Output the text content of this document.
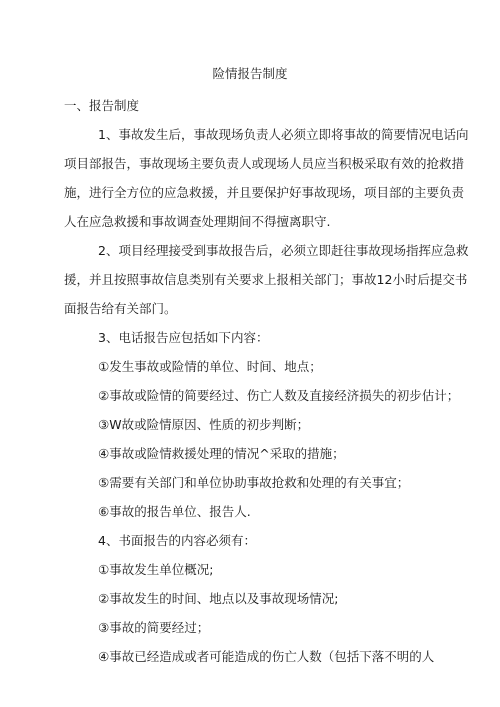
险情报告制度
一、报告制度
1、事故发生后，事故现场负责人必须立即将事故的简要情况电话向
项目部报告，事故现场主要负责人或现场人员应当积极采取有效的抢救措
施，进行全方位的应急救援，并且要保护好事故现场，项目部的主要负责
人在应急救援和事故调查处理期间不得擅离职守.
2、项目经理接受到事故报告后，必须立即赶往事故现场指挥应急救
援，并且按照事故信息类别有关要求上报相关部门；事故12小时后提交书
面报告给有关部门。
3、电话报告应包括如下内容：
①发生事故或险情的单位、时间、地点；
②事故或险情的简要经过、伤亡人数及直接经济损失的初步估计；
③W故或险情原因、性质的初步判断；
④事故或险情救援处理的情况^采取的措施；
⑤需要有关部门和单位协助事故抢救和处理的有关事宜；
⑥事故的报告单位、报告人.
4、书面报告的内容必须有：
①事故发生单位概况;
②事故发生的时间、地点以及事故现场情况;
③事故的简要经过；
④事故已经造成或者可能造成的伤亡人数（包括下落不明的人
